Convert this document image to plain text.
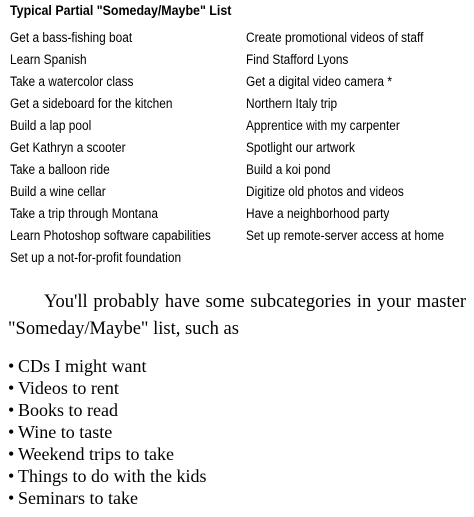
Typical Partial "Someday/Maybe" List
Get a bass-fishing boat
Learn Spanish
Take a watercolor class
Get a sideboard for the kitchen
Build a lap pool
Get Kathryn a scooter
Take a balloon ride
Build a wine cellar
Take a trip through Montana
Learn Photoshop software capabilities
Set up a not-for-profit foundation
Create promotional videos of staff
Find Stafford Lyons
Get a digital video camera *
Northern Italy trip
Apprentice with my carpenter
Spotlight our artwork
Build a koi pond
Digitize old photos and videos
Have a neighborhood party
Set up remote-server access at home

You'll probably have some subcategories in your master "Someday/Maybe" list, such as

• CDs I might want
• Videos to rent
• Books to read
• Wine to taste
• Weekend trips to take
• Things to do with the kids
• Seminars to take
